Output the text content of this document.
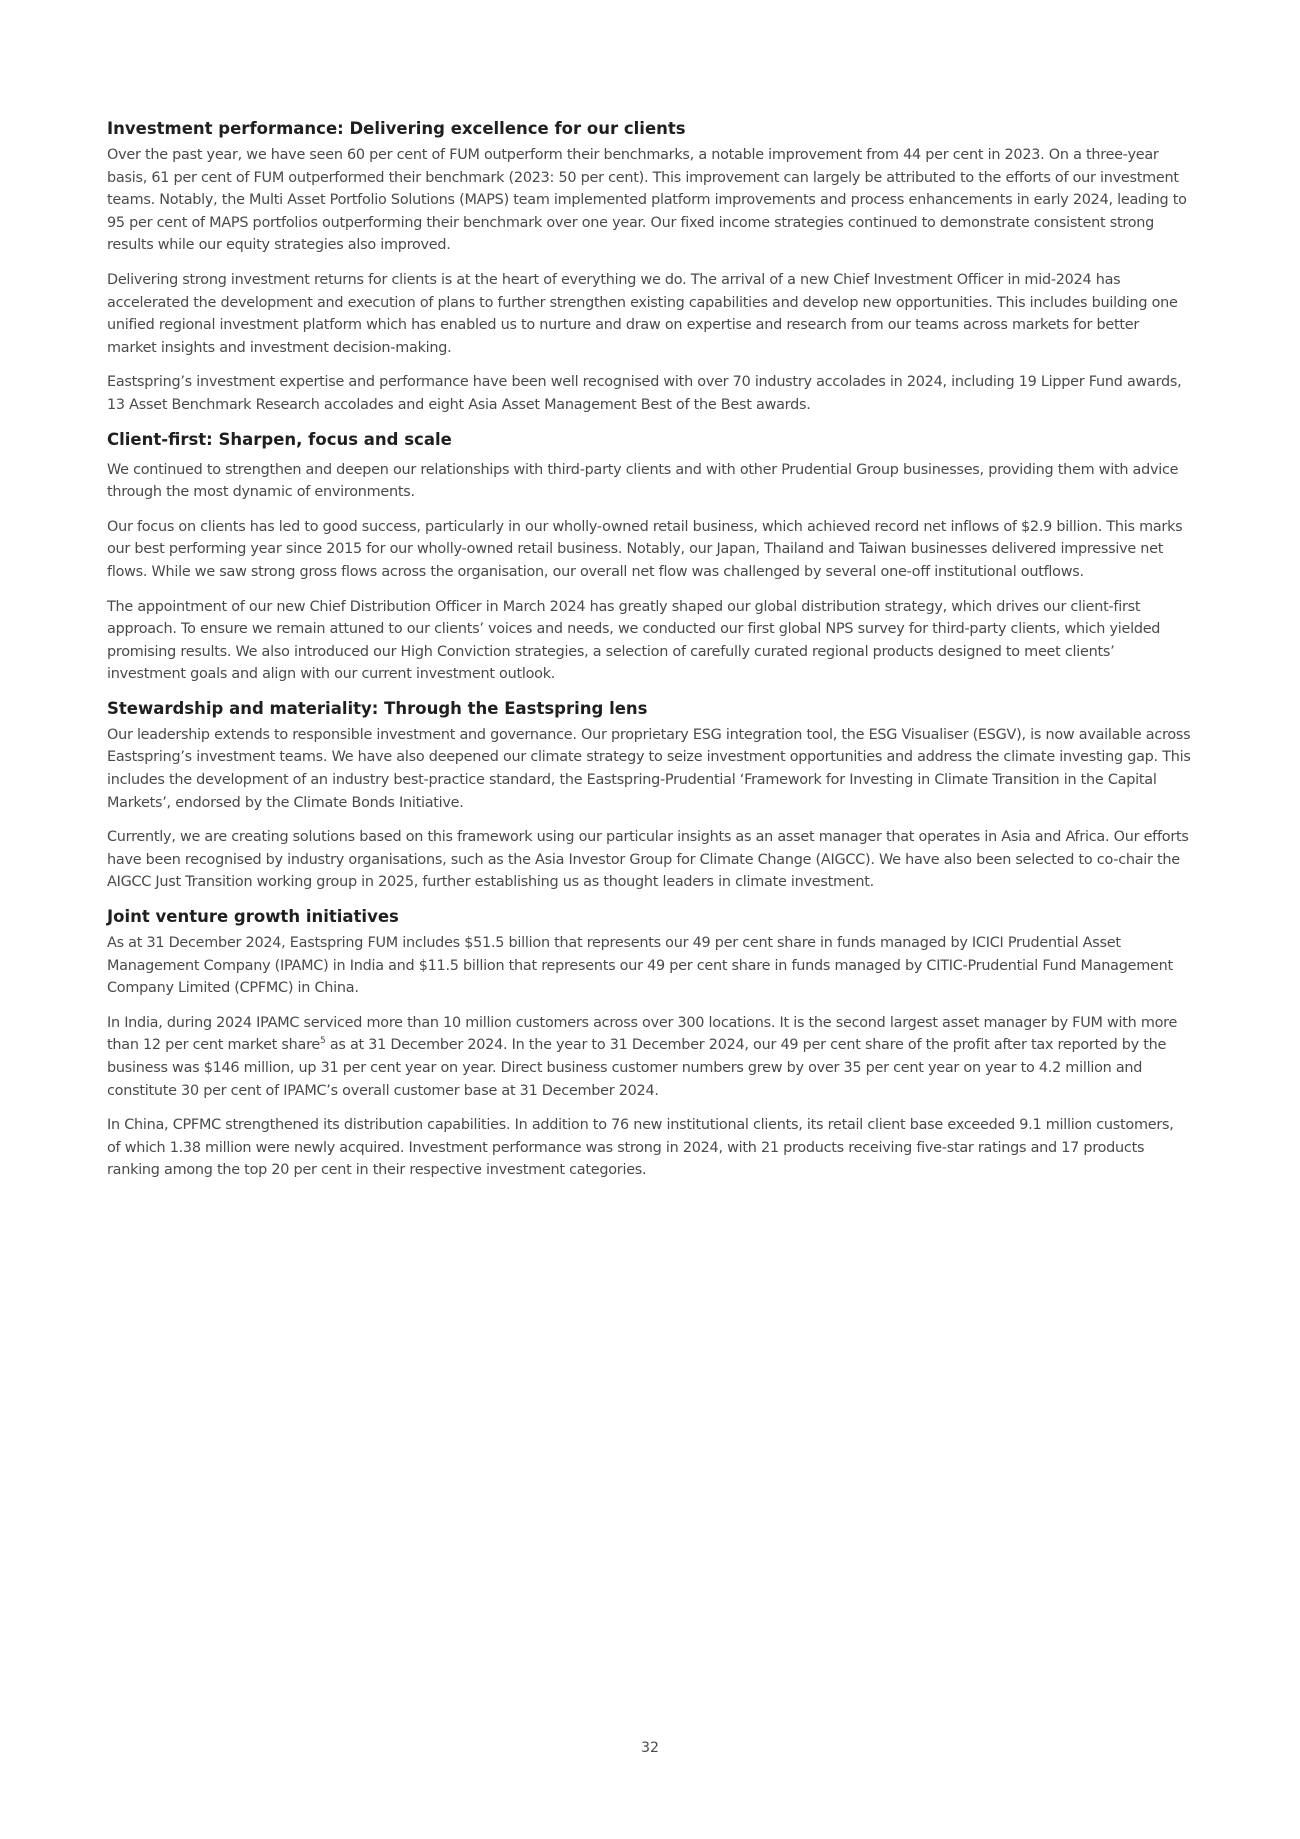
Investment performance: Delivering excellence for our clients

Over the past year, we have seen 60 per cent of FUM outperform their benchmarks, a notable improvement from 44 per cent in 2023. On a three-year basis, 61 per cent of FUM outperformed their benchmark (2023: 50 per cent). This improvement can largely be attributed to the efforts of our investment teams. Notably, the Multi Asset Portfolio Solutions (MAPS) team implemented platform improvements and process enhancements in early 2024, leading to 95 per cent of MAPS portfolios outperforming their benchmark over one year. Our fixed income strategies continued to demonstrate consistent strong results while our equity strategies also improved.

Delivering strong investment returns for clients is at the heart of everything we do. The arrival of a new Chief Investment Officer in mid-2024 has accelerated the development and execution of plans to further strengthen existing capabilities and develop new opportunities. This includes building one unified regional investment platform which has enabled us to nurture and draw on expertise and research from our teams across markets for better market insights and investment decision-making.

Eastspring’s investment expertise and performance have been well recognised with over 70 industry accolades in 2024, including 19 Lipper Fund awards, 13 Asset Benchmark Research accolades and eight Asia Asset Management Best of the Best awards.

Client-first: Sharpen, focus and scale

We continued to strengthen and deepen our relationships with third-party clients and with other Prudential Group businesses, providing them with advice through the most dynamic of environments.

Our focus on clients has led to good success, particularly in our wholly-owned retail business, which achieved record net inflows of $2.9 billion. This marks our best performing year since 2015 for our wholly-owned retail business. Notably, our Japan, Thailand and Taiwan businesses delivered impressive net flows. While we saw strong gross flows across the organisation, our overall net flow was challenged by several one-off institutional outflows.

The appointment of our new Chief Distribution Officer in March 2024 has greatly shaped our global distribution strategy, which drives our client-first approach. To ensure we remain attuned to our clients’ voices and needs, we conducted our first global NPS survey for third-party clients, which yielded promising results. We also introduced our High Conviction strategies, a selection of carefully curated regional products designed to meet clients’ investment goals and align with our current investment outlook.

Stewardship and materiality: Through the Eastspring lens

Our leadership extends to responsible investment and governance. Our proprietary ESG integration tool, the ESG Visualiser (ESGV), is now available across Eastspring’s investment teams. We have also deepened our climate strategy to seize investment opportunities and address the climate investing gap. This includes the development of an industry best-practice standard, the Eastspring-Prudential ‘Framework for Investing in Climate Transition in the Capital Markets’, endorsed by the Climate Bonds Initiative.

Currently, we are creating solutions based on this framework using our particular insights as an asset manager that operates in Asia and Africa. Our efforts have been recognised by industry organisations, such as the Asia Investor Group for Climate Change (AIGCC). We have also been selected to co-chair the AIGCC Just Transition working group in 2025, further establishing us as thought leaders in climate investment.

Joint venture growth initiatives

As at 31 December 2024, Eastspring FUM includes $51.5 billion that represents our 49 per cent share in funds managed by ICICI Prudential Asset Management Company (IPAMC) in India and $11.5 billion that represents our 49 per cent share in funds managed by CITIC-Prudential Fund Management Company Limited (CPFMC) in China.

In India, during 2024 IPAMC serviced more than 10 million customers across over 300 locations. It is the second largest asset manager by FUM with more than 12 per cent market share$^5$ as at 31 December 2024. In the year to 31 December 2024, our 49 per cent share of the profit after tax reported by the business was $146 million, up 31 per cent year on year. Direct business customer numbers grew by over 35 per cent year on year to 4.2 million and constitute 30 per cent of IPAMC’s overall customer base at 31 December 2024.

In China, CPFMC strengthened its distribution capabilities. In addition to 76 new institutional clients, its retail client base exceeded 9.1 million customers, of which 1.38 million were newly acquired. Investment performance was strong in 2024, with 21 products receiving five-star ratings and 17 products ranking among the top 20 per cent in their respective investment categories.

32
